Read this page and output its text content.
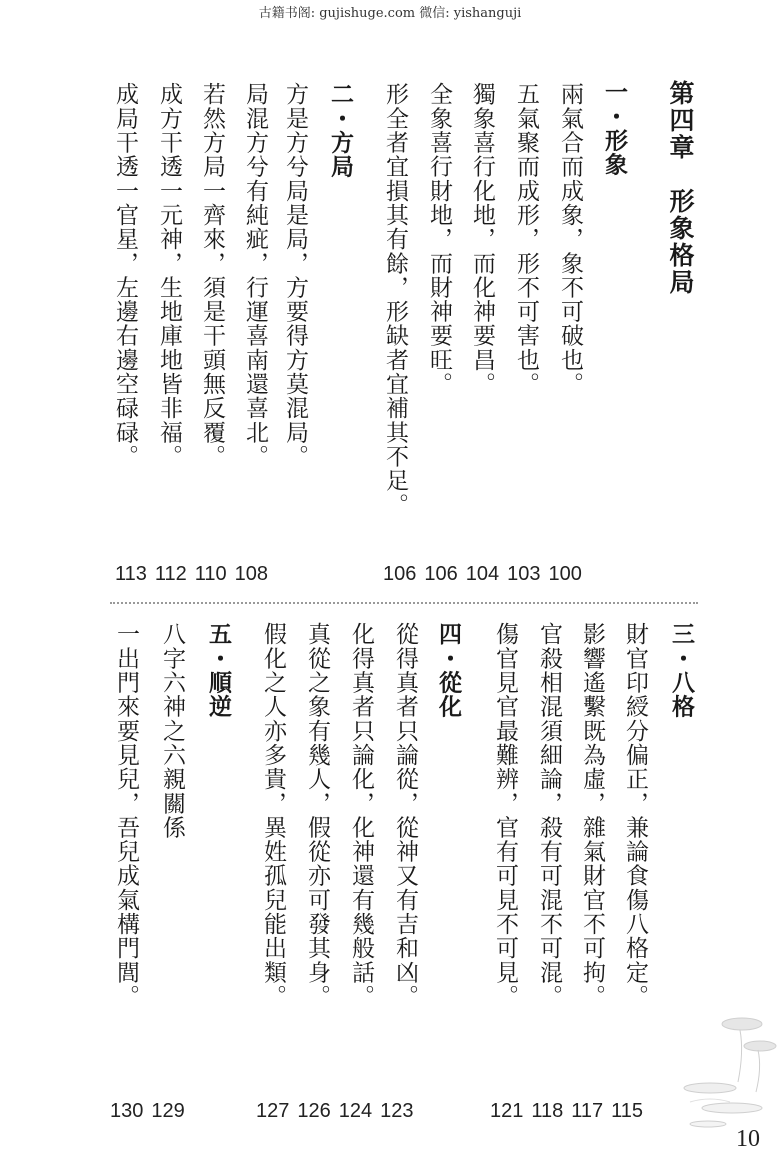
古籍书阁: gujishuge.com 微信: yishanguji
第四章　形象格局
一・形象
兩氣合而成象，象不可破也。
五氣聚而成形，形不可害也。
獨象喜行化地，而化神要昌。
全象喜行財地，而財神要旺。
形全者宜損其有餘，形缺者宜補其不足。
二・方局
方是方兮局是局，方要得方莫混局。
局混方兮有純疵，行運喜南還喜北。
若然方局一齊來，須是干頭無反覆。
成方干透一元神，生地庫地皆非福。
成局干透一官星，左邊右邊空碌碌。
113 112 110 108	106 106 104 103 100
三・八格
財官印綬分偏正，兼論食傷八格定。
影響遙繫既為虛，雜氣財官不可拘。
官殺相混須細論，殺有可混不可混。
傷官見官最難辨，官有可見不可見。
四・從化
從得真者只論從，從神又有吉和凶。
化得真者只論化，化神還有幾般話。
真從之象有幾人，假從亦可發其身。
假化之人亦多貴，異姓孤兒能出類。
五・順逆
八字六神之六親關係
一出門來要見兒，吾兒成氣構門閭。
130 129	127 126 124 123	121 118 117 115
10
